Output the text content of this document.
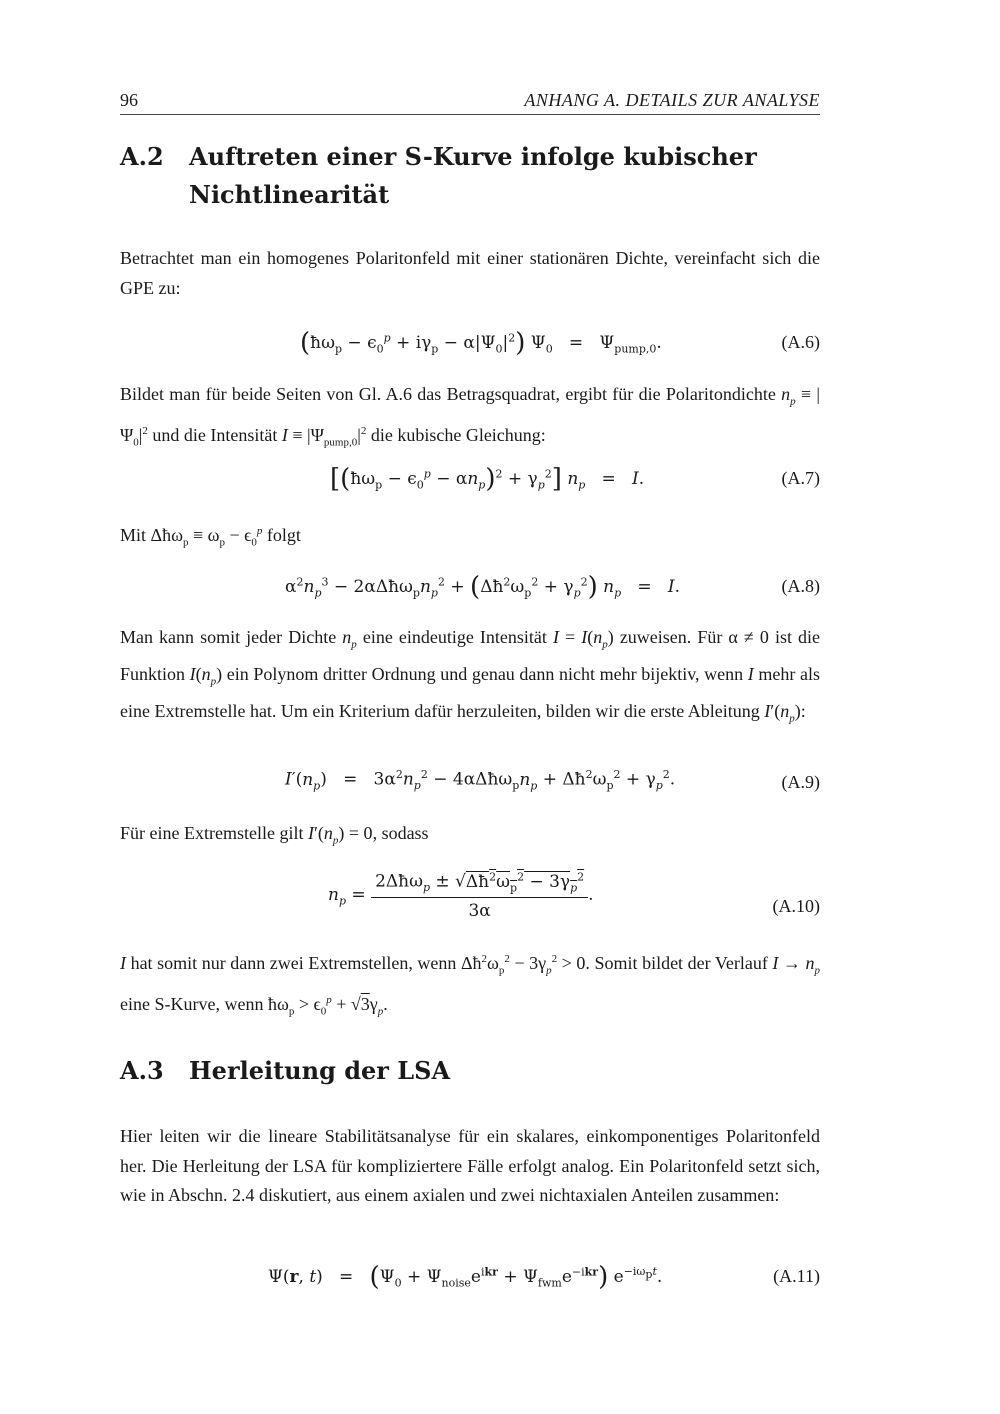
96	ANHANG A. DETAILS ZUR ANALYSE
A.2 Auftreten einer S-Kurve infolge kubischer Nichtlinearität
Betrachtet man ein homogenes Polaritonfeld mit einer stationären Dichte, vereinfacht sich die GPE zu:
$(ħ\omega_p - \epsilon_0^p + i\gamma_p - \alpha|\Psi_0|^2) \Psi_0 = \Psi_{pump,0}$.	(A.6)
Bildet man für beide Seiten von Gl. A.6 das Betragsquadrat, ergibt für die Polaritondichte $n_p \equiv |\Psi_0|^2$ und die Intensität $I \equiv |\Psi_{pump,0}|^2$ die kubische Gleichung:
$[(ħ\omega_p - \epsilon_0^p - \alpha n_p)^2 + \gamma_p^2] n_p = I$.	(A.7)
Mit Δħω$_p$ ≡ $\omega_p - \epsilon_0^p$ folgt
$\alpha^2n_p^3$ − $2\alpha\Delta ħ\omega_pn_p^2$ + $(\Delta ħ^2\omega_p^2 + \gamma_p^2) n_p = I$.	(A.8)
Man kann somit jeder Dichte $n_p$ eine eindeutige Intensität $I = I(n_p)$ zuweisen. Für α ≠ 0 ist die Funktion $I(n_p)$ ein Polynom dritter Ordnung und genau dann nicht mehr bijektiv, wenn I mehr als eine Extremstelle hat. Um ein Kriterium dafür herzuleiten, bilden wir die erste Ableitung $I'(n_p)$:
$I'(n_p) = 3\alpha^2n_p^2$ − $4\alpha\Delta ħ\omega_pn_p$ + $\Delta ħ^2\omega_p^2 + \gamma_p^2$.	(A.9)
Für eine Extremstelle gilt $I'(n_p) = 0$, sodass
$n_p = \frac{2\Delta ħ\omega_p \pm √\Delta ħ^2\omega_p^2 - 3\gamma_p^2}{3\alpha}$ .
(A.10)
I hat somit nur dann zwei Extremstellen, wenn $\Delta ħ^2\omega_p^2 - 3\gamma_p^2 > 0$. Somit bildet der Verlauf $I \to n_p$ eine S-Kurve, wenn $ħ\omega_p > \epsilon_0^p + √3\gamma_p$.
A.3 Herleitung der LSA
Hier leiten wir die lineare Stabilitätsanalyse für ein skalares, einkomponentiges Polaritonfeld her. Die Herleitung der LSA für kompliziertere Fälle erfolgt analog. Ein Polaritonfeld setzt sich, wie in Abschn. 2.4 diskutiert, aus einem axialen und zwei nichtaxialen Anteilen zusammen:
Ψ(r, $t) = (\Psi_0 + \Psi_{noise}e^{ikr} + \Psi_{fwm}e^{-ikr})$ $e^{-i\omega_pt}$.	(A.11)
